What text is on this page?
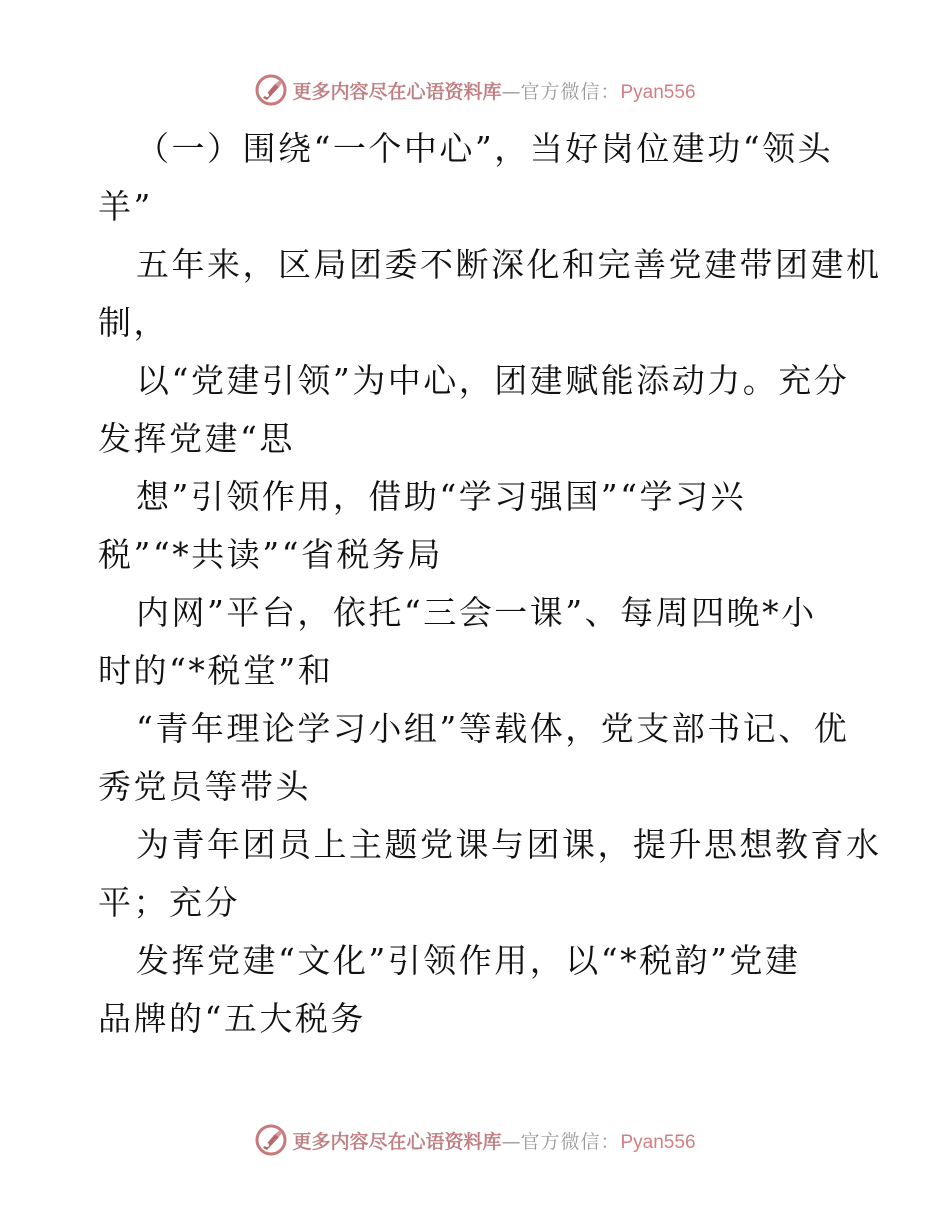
更多内容尽在心语资料库—官方微信：Pyan556
（一）围绕“一个中心”，当好岗位建功“领头
羊”
五年来，区局团委不断深化和完善党建带团建机
制，
以“党建引领”为中心，团建赋能添动力。充分
发挥党建“思
想”引领作用，借助“学习强国”“学习兴
税”“*共读”“省税务局
内网”平台，依托“三会一课”、每周四晚*小
时的“*税堂”和
“青年理论学习小组”等载体，党支部书记、优
秀党员等带头
为青年团员上主题党课与团课，提升思想教育水
平；充分
发挥党建“文化”引领作用，以“*税韵”党建
品牌的“五大税务
更多内容尽在心语资料库—官方微信：Pyan556
